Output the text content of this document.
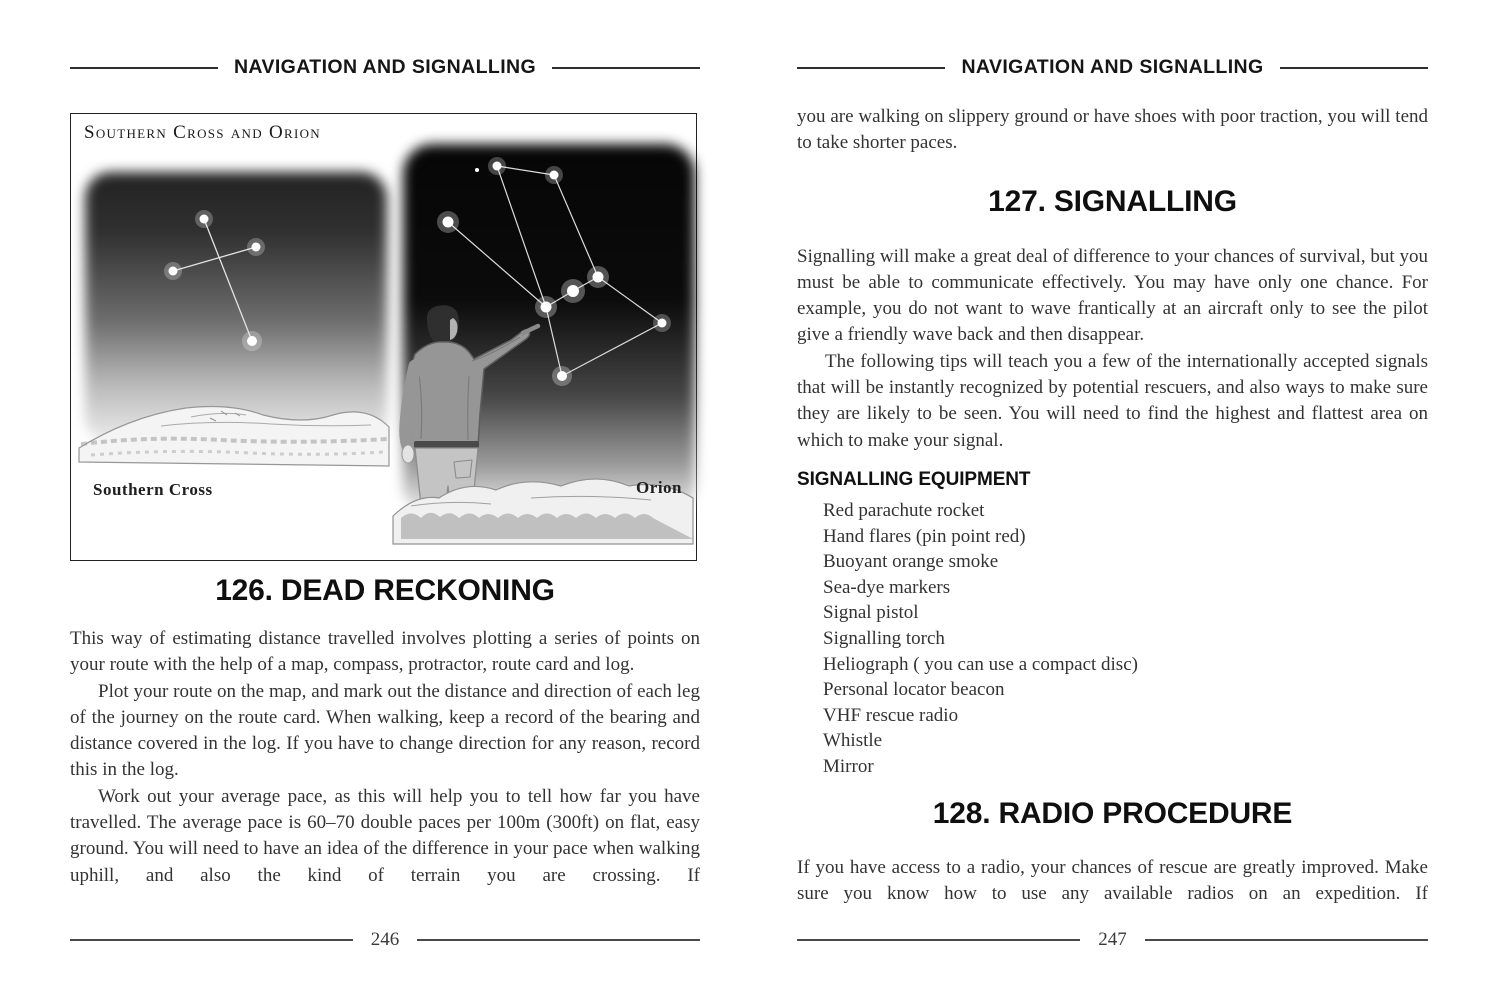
NAVIGATION AND SIGNALLING
Southern Cross and Orion
Southern Cross	Orion
126. DEAD RECKONING

This way of estimating distance travelled involves plotting a series of points on your route with the help of a map, compass, protractor, route card and log.

Plot your route on the map, and mark out the distance and direction of each leg of the journey on the route card. When walking, keep a record of the bearing and distance covered in the log. If you have to change direction for any reason, record this in the log.

Work out your average pace, as this will help you to tell how far you have travelled. The average pace is 60–70 double paces per 100m (300ft) on flat, easy ground. You will need to have an idea of the difference in your pace when walking uphill, and also the kind of terrain you are crossing. If

246
NAVIGATION AND SIGNALLING

you are walking on slippery ground or have shoes with poor traction, you will tend to take shorter paces.

127. SIGNALLING

Signalling will make a great deal of difference to your chances of survival, but you must be able to communicate effectively. You may have only one chance. For example, you do not want to wave frantically at an aircraft only to see the pilot give a friendly wave back and then disappear.

The following tips will teach you a few of the internationally accepted signals that will be instantly recognized by potential rescuers, and also ways to make sure they are likely to be seen. You will need to find the highest and flattest area on which to make your signal.

SIGNALLING EQUIPMENT
Red parachute rocket
Hand flares (pin point red)
Buoyant orange smoke
Sea-dye markers
Signal pistol
Signalling torch
Heliograph ( you can use a compact disc)
Personal locator beacon
VHF rescue radio
Whistle
Mirror
128. RADIO PROCEDURE

If you have access to a radio, your chances of rescue are greatly improved. Make sure you know how to use any available radios on an expedition. If

247
